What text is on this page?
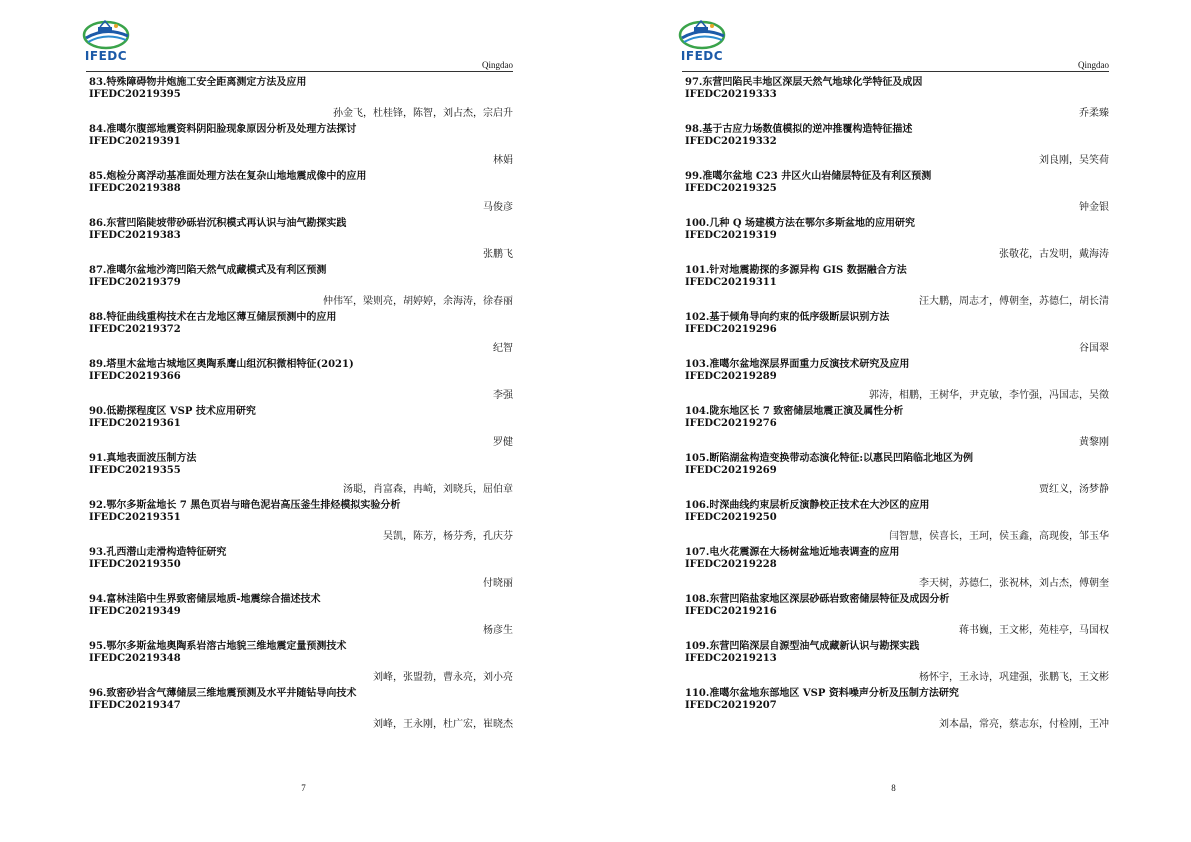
IFEDC
Qingdao
83.特殊障碍物井炮施工安全距离测定方法及应用
IFEDC20219395
孙金飞，杜桂锋，陈智，刘占杰，宗启升
84.准噶尔腹部地震资料阴阳脸现象原因分析及处理方法探讨
IFEDC20219391
林娟
85.炮检分离浮动基准面处理方法在复杂山地地震成像中的应用
IFEDC20219388
马俊彦
86.东营凹陷陡坡带砂砾岩沉积模式再认识与油气勘探实践
IFEDC20219383
张鹏飞
87.准噶尔盆地沙湾凹陷天然气成藏模式及有利区预测
IFEDC20219379
仲伟军，梁则亮，胡婷婷，余海涛，徐春丽
88.特征曲线重构技术在古龙地区薄互储层预测中的应用
IFEDC20219372
纪智
89.塔里木盆地古城地区奥陶系鹰山组沉积微相特征(2021)
IFEDC20219366
李强
90.低勘探程度区 VSP 技术应用研究
IFEDC20219361
罗健
91.真地表面波压制方法
IFEDC20219355
汤聪，肖富森，冉崎，刘晓兵，屈伯章
92.鄂尔多斯盆地长 7 黑色页岩与暗色泥岩高压釜生排烃模拟实验分析
IFEDC20219351
吴凯，陈芳，杨芬秀，孔庆芬
93.孔西潜山走滑构造特征研究
IFEDC20219350
付晓丽
94.富林洼陷中生界致密储层地质-地震综合描述技术
IFEDC20219349
杨彦生
95.鄂尔多斯盆地奥陶系岩溶古地貌三维地震定量预测技术
IFEDC20219348
刘峰，张盟勃，曹永亮，刘小亮
96.致密砂岩含气薄储层三维地震预测及水平井随钻导向技术
IFEDC20219347
刘峰，王永刚，杜广宏，崔晓杰
7
IFEDC
Qingdao
97.东营凹陷民丰地区深层天然气地球化学特征及成因
IFEDC20219333
乔柔臻
98.基于古应力场数值模拟的逆冲推覆构造特征描述
IFEDC20219332
刘良刚，吴笑荷
99.准噶尔盆地 C23 井区火山岩储层特征及有利区预测
IFEDC20219325
钟金银
100.几种 Q 场建模方法在鄂尔多斯盆地的应用研究
IFEDC20219319
张敬花，古发明，戴海涛
101.针对地震勘探的多源异构 GIS 数据融合方法
IFEDC20219311
汪大鹏，周志才，傅朝奎，苏德仁，胡长清
102.基于倾角导向约束的低序级断层识别方法
IFEDC20219296
谷国翠
103.准噶尔盆地深层界面重力反演技术研究及应用
IFEDC20219289
郭涛，相鹏，王树华，尹克敏，李竹强，冯国志，吴徵
104.陇东地区长 7 致密储层地震正演及属性分析
IFEDC20219276
黄黎刚
105.断陷湖盆构造变换带动态演化特征:以惠民凹陷临北地区为例
IFEDC20219269
贾红义，汤梦静
106.时深曲线约束层析反演静校正技术在大沙区的应用
IFEDC20219250
闫智慧，侯喜长，王珂，侯玉鑫，高现俊，邹玉华
107.电火花震源在大杨树盆地近地表调查的应用
IFEDC20219228
李天树，苏德仁，张祝林，刘占杰，傅朝奎
108.东营凹陷盐家地区深层砂砾岩致密储层特征及成因分析
IFEDC20219216
蒋书巍，王文彬，苑桂亭，马国权
109.东营凹陷深层自源型油气成藏新认识与勘探实践
IFEDC20219213
杨怀宇，王永诗，巩建强，张鹏飞，王文彬
110.准噶尔盆地东部地区 VSP 资料噪声分析及压制方法研究
IFEDC20219207
刘本晶，常亮，蔡志东，付检刚，王冲
8
